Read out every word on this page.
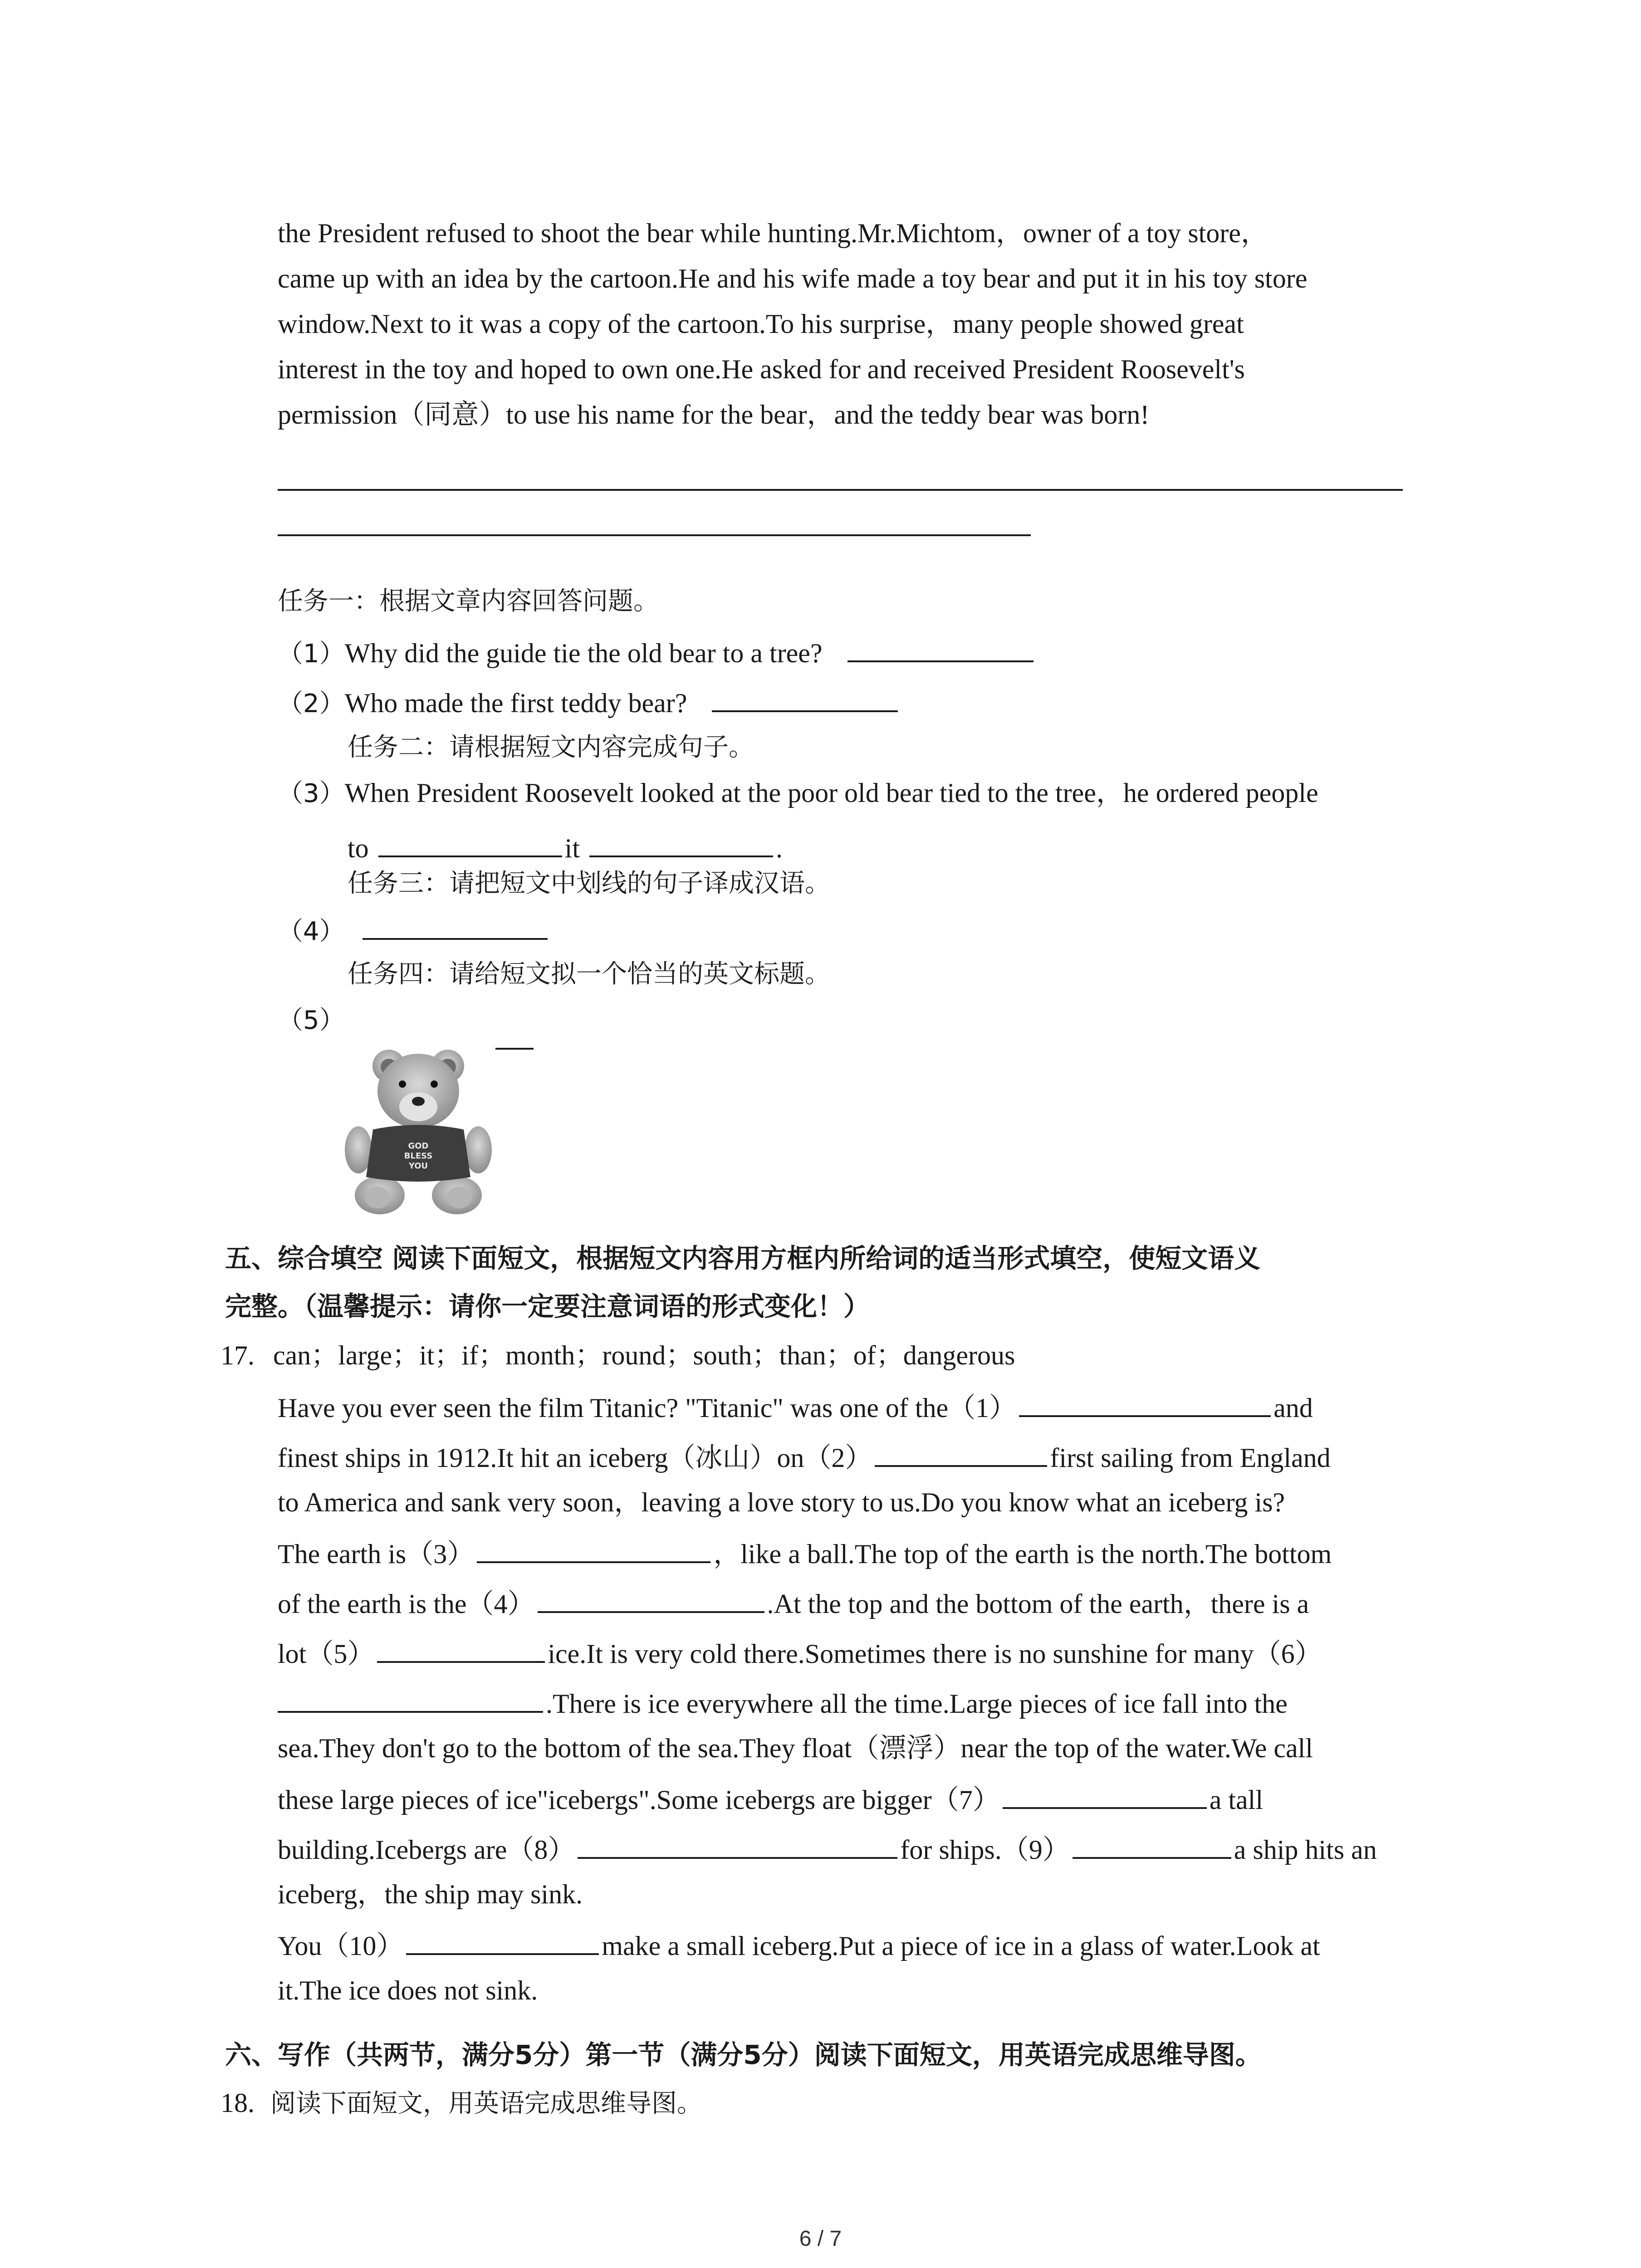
the President refused to shoot the bear while hunting.Mr.Michtom，owner of a toy store，
came up with an idea by the cartoon.He and his wife made a toy bear and put it in his toy store
window.Next to it was a copy of the cartoon.To his surprise，many people showed great
interest in the toy and hoped to own one.He asked for and received President Roosevelt's
permission（同意）to use his name for the bear，and the teddy bear was born!
任务一：根据文章内容回答问题。
（1）Why did the guide tie the old bear to a tree?
（2）Who made the first teddy bear?
任务二：请根据短文内容完成句子。
（3）When President Roosevelt looked at the poor old bear tied to the tree，he ordered people
to	it	.
任务三：请把短文中划线的句子译成汉语。
（4）
任务四：请给短文拟一个恰当的英文标题。
（5）
GOD
BLESS
YOU
五、综合填空 阅读下面短文，根据短文内容用方框内所给词的适当形式填空，使短文语义
完整。（温馨提示：请你一定要注意词语的形式变化！）
17. can；large；it；if；month；round；south；than；of；dangerous
Have you ever seen the film Titanic? "Titanic" was one of the（1）	and
finest ships in 1912.It hit an iceberg（冰山）on（2）	first sailing from England
to America and sank very soon，leaving a love story to us.Do you know what an iceberg is?
The earth is（3）	，like a ball.The top of the earth is the north.The bottom
of the earth is the（4）	.At the top and the bottom of the earth，there is a
lot（5）	ice.It is very cold there.Sometimes there is no sunshine for many（6）
.There is ice everywhere all the time.Large pieces of ice fall into the
sea.They don't go to the bottom of the sea.They float（漂浮）near the top of the water.We call
these large pieces of ice"icebergs".Some icebergs are bigger（7）	a tall
building.Icebergs are（8）	for ships.（9）	a ship hits an
iceberg，the ship may sink.
You（10）	make a small iceberg.Put a piece of ice in a glass of water.Look at
it.The ice does not sink.
六、写作（共两节，满分5分）第一节（满分5分）阅读下面短文，用英语完成思维导图。
18. 阅读下面短文，用英语完成思维导图。
6 / 7
